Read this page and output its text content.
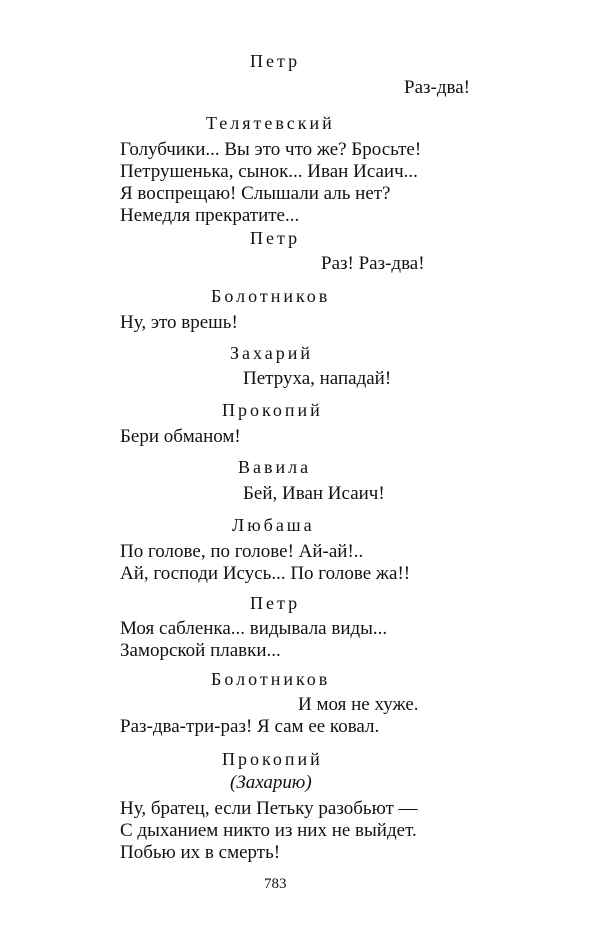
Петр
Раз-два!
Телятевский
Голубчики... Вы это что же? Бросьте!
Петрушенька, сынок... Иван Исаич...
Я воспрещаю! Слышали аль нет?
Немедля прекратите...
Петр
Раз! Раз-два!
Болотников
Ну, это врешь!
Захарий
Петруха, нападай!
Прокопий
Бери обманом!
Вавила
Бей, Иван Исаич!
Любаша
По голове, по голове! Ай-ай!..
Ай, господи Исусь... По голове жа!!
Петр
Моя сабленка... видывала виды...
Заморской плавки...
Болотников
И моя не хуже.
Раз-два-три-раз! Я сам ее ковал.
Прокопий
(Захарию)
Ну, братец, если Петьку разобьют —
С дыханием никто из них не выйдет.
Побью их в смерть!
783
